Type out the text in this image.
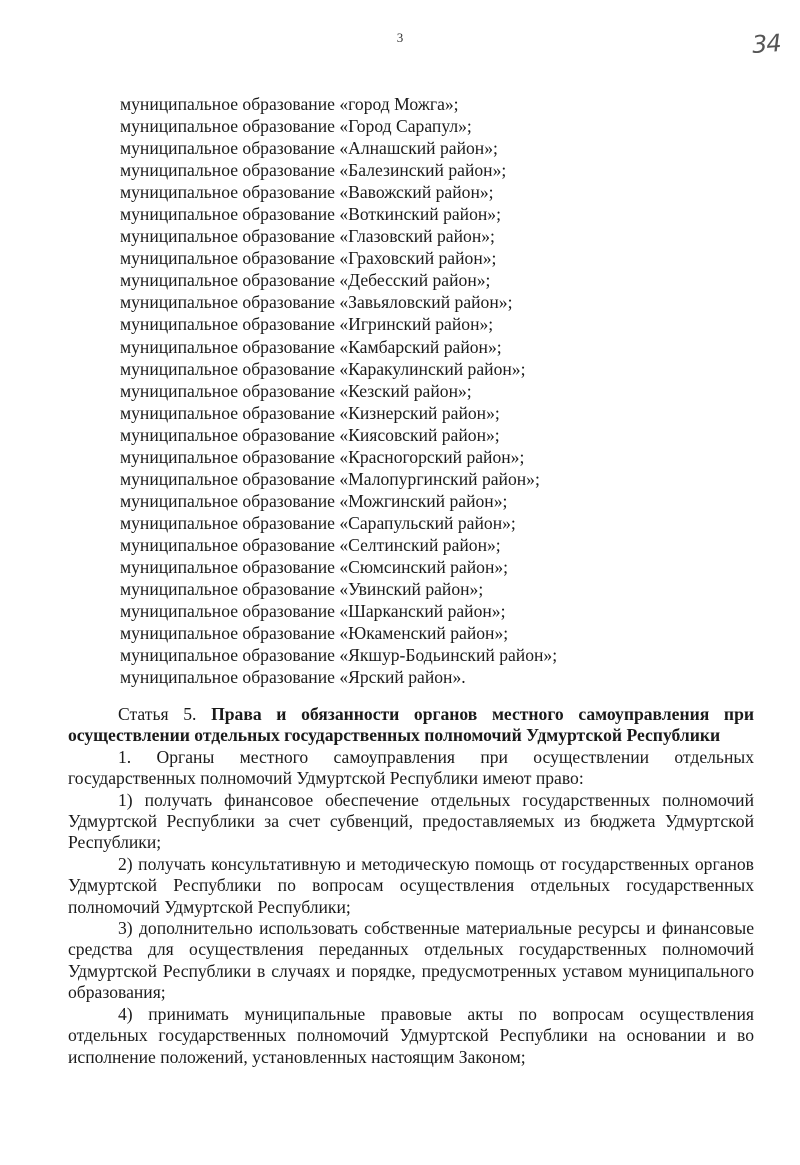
3	34
муниципальное образование «город Можга»;
муниципальное образование «Город Сарапул»;
муниципальное образование «Алнашский район»;
муниципальное образование «Балезинский район»;
муниципальное образование «Вавожский район»;
муниципальное образование «Воткинский район»;
муниципальное образование «Глазовский район»;
муниципальное образование «Граховский район»;
муниципальное образование «Дебесский район»;
муниципальное образование «Завьяловский район»;
муниципальное образование «Игринский район»;
муниципальное образование «Камбарский район»;
муниципальное образование «Каракулинский район»;
муниципальное образование «Кезский район»;
муниципальное образование «Кизнерский район»;
муниципальное образование «Киясовский район»;
муниципальное образование «Красногорский район»;
муниципальное образование «Малопургинский район»;
муниципальное образование «Можгинский район»;
муниципальное образование «Сарапульский район»;
муниципальное образование «Селтинский район»;
муниципальное образование «Сюмсинский район»;
муниципальное образование «Увинский район»;
муниципальное образование «Шарканский район»;
муниципальное образование «Юкаменский район»;
муниципальное образование «Якшур-Бодьинский район»;
муниципальное образование «Ярский район».

Статья 5. Права и обязанности органов местного самоуправления при осуществлении отдельных государственных полномочий Удмуртской Республики

1. Органы местного самоуправления при осуществлении отдельных государственных полномочий Удмуртской Республики имеют право:

1) получать финансовое обеспечение отдельных государственных полномочий Удмуртской Республики за счет субвенций, предоставляемых из бюджета Удмуртской Республики;

2) получать консультативную и методическую помощь от государственных органов Удмуртской Республики по вопросам осуществления отдельных государственных полномочий Удмуртской Республики;

3) дополнительно использовать собственные материальные ресурсы и финансовые средства для осуществления переданных отдельных государственных полномочий Удмуртской Республики в случаях и порядке, предусмотренных уставом муниципального образования;

4) принимать муниципальные правовые акты по вопросам осуществления отдельных государственных полномочий Удмуртской Республики на основании и во исполнение положений, установленных настоящим Законом;
